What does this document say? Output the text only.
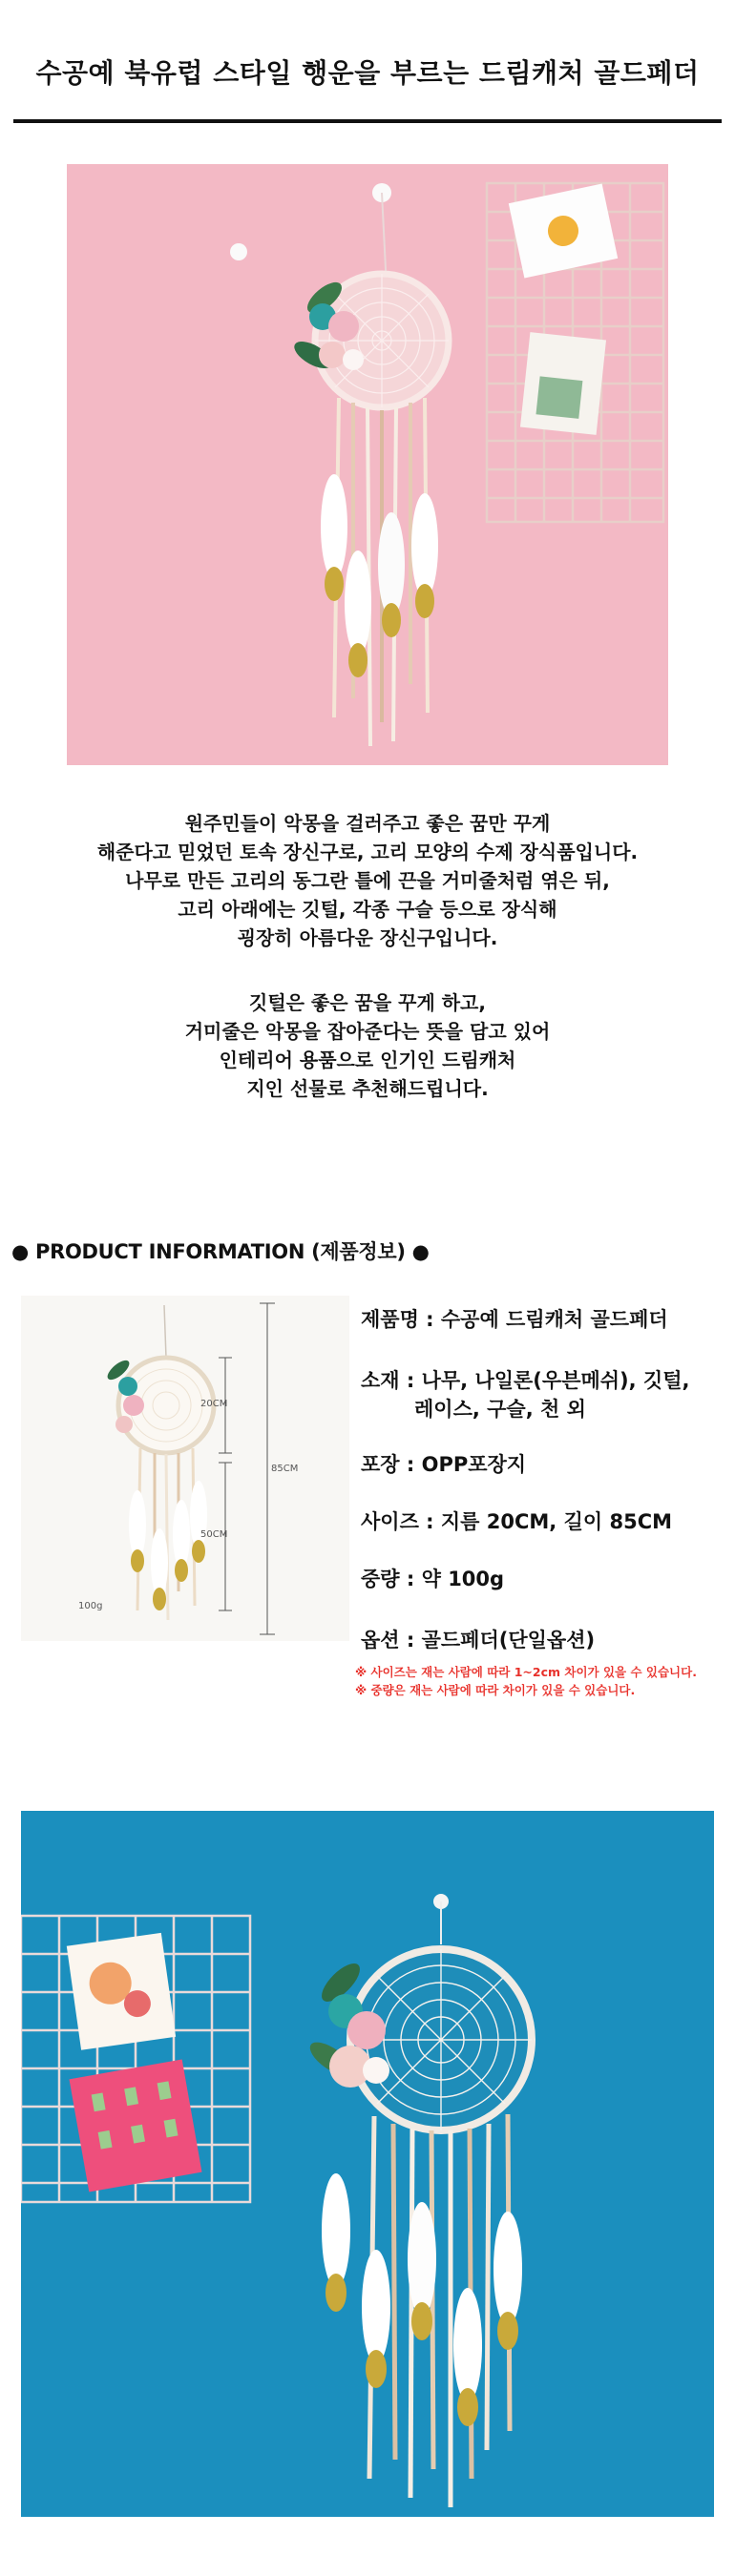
수공예 북유럽 스타일 행운을 부르는 드림캐처 골드페더
원주민들이 악몽을 걸러주고 좋은 꿈만 꾸게
해준다고 믿었던 토속 장신구로, 고리 모양의 수제 장식품입니다.
나무로 만든 고리의 동그란 틀에 끈을 거미줄처럼 엮은 뒤,
고리 아래에는 깃털, 각종 구슬 등으로 장식해
굉장히 아름다운 장신구입니다.
깃털은 좋은 꿈을 꾸게 하고,
거미줄은 악몽을 잡아준다는 뜻을 담고 있어
인테리어 용품으로 인기인 드림캐처
지인 선물로 추천해드립니다.
● PRODUCT INFORMATION (제품정보) ●
20CM
85CM
50CM
100g
제품명 : 수공예 드림캐처 골드페더
소재 : 나무, 나일론(우븐메쉬), 깃털,
레이스, 구슬, 천 외
포장 : OPP포장지
사이즈 : 지름 20CM, 길이 85CM
중량 : 약 100g
옵션 : 골드페더(단일옵션)
※ 사이즈는 재는 사람에 따라 1~2cm 차이가 있을 수 있습니다.
※ 중량은 재는 사람에 따라 차이가 있을 수 있습니다.
